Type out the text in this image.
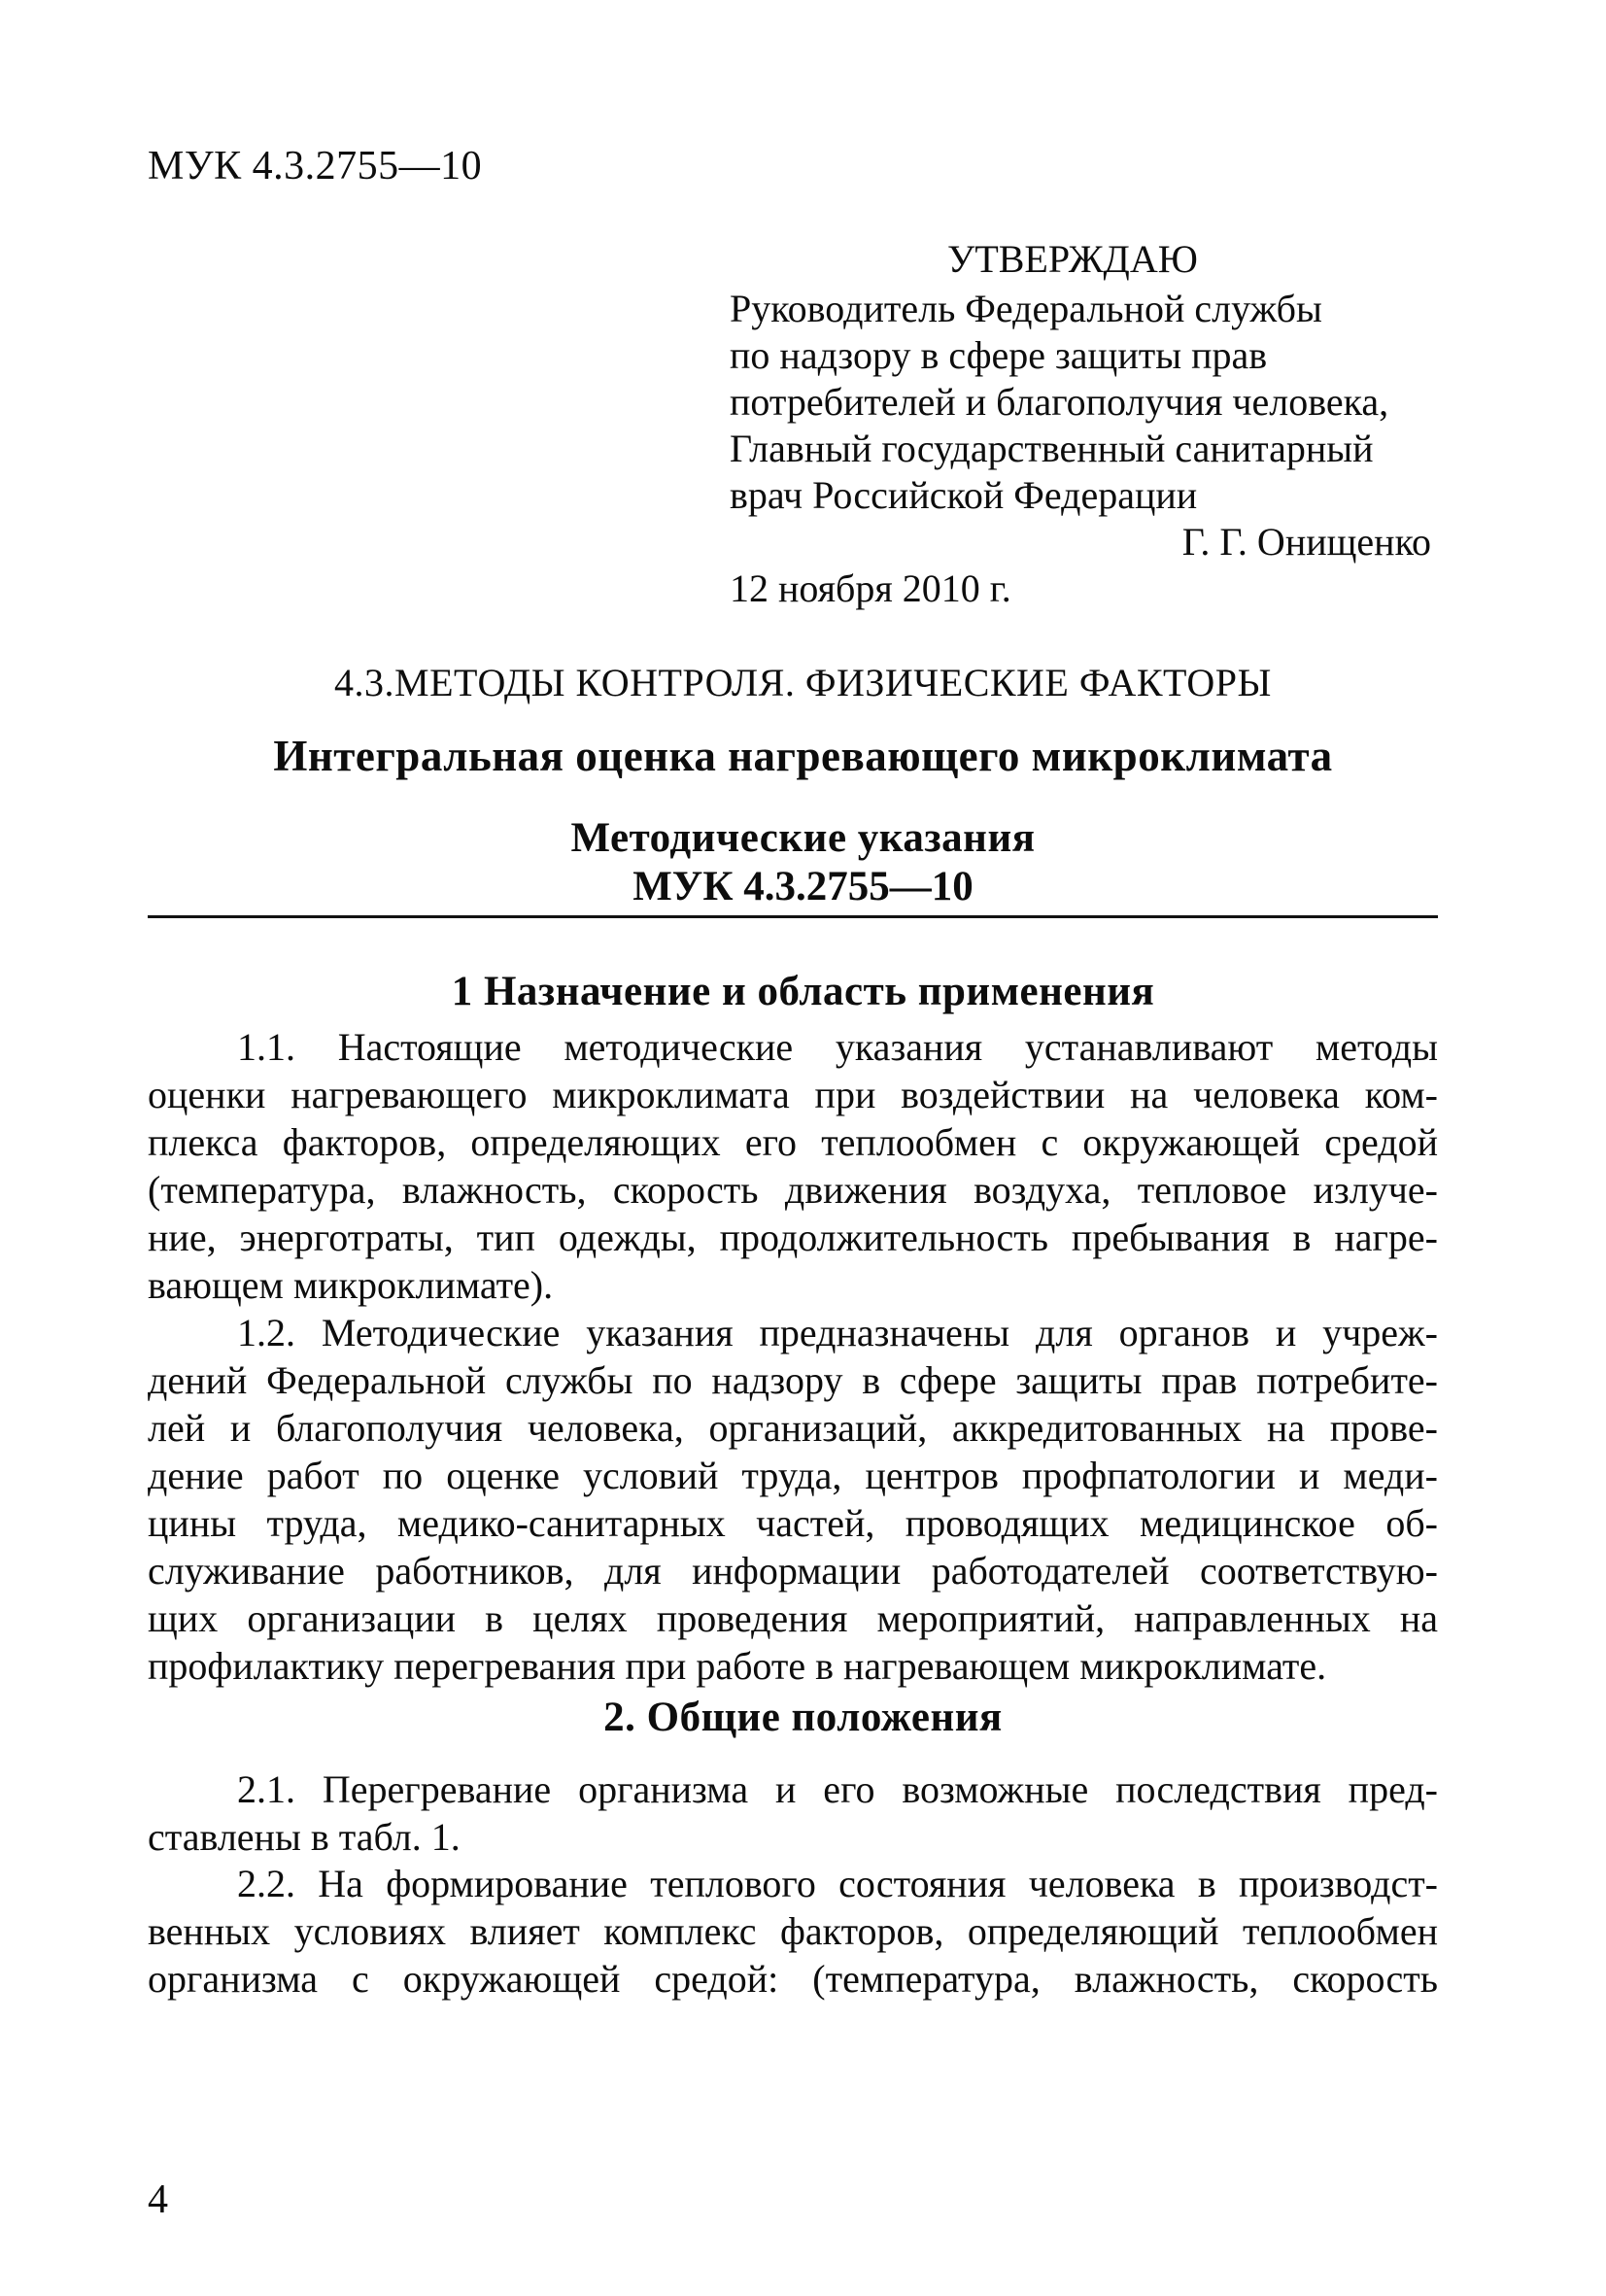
МУК 4.3.2755—10
УТВЕРЖДАЮ
Руководитель Федеральной службы
по надзору в сфере защиты прав
потребителей и благополучия человека,
Главный государственный санитарный
врач Российской Федерации
Г. Г. Онищенко
12 ноября 2010 г.
4.3.МЕТОДЫ КОНТРОЛЯ. ФИЗИЧЕСКИЕ ФАКТОРЫ
Интегральная оценка нагревающего микроклимата
Методические указания
МУК 4.3.2755—10
1 Назначение и область применения
1.1. Настоящие методические указания устанавливают методы
оценки нагревающего микроклимата при воздействии на человека ком-
плекса факторов, определяющих его теплообмен с окружающей средой
(температура, влажность, скорость движения воздуха, тепловое излуче-
ние, энерготраты, тип одежды, продолжительность пребывания в нагре-
вающем микроклимате).
1.2. Методические указания предназначены для органов и учреж-
дений Федеральной службы по надзору в сфере защиты прав потребите-
лей и благополучия человека, организаций, аккредитованных на прове-
дение работ по оценке условий труда, центров профпатологии и меди-
цины труда, медико-санитарных частей, проводящих медицинское об-
служивание работников, для информации работодателей соответствую-
щих организации в целях проведения мероприятий, направленных на
профилактику перегревания при работе в нагревающем микроклимате.
2. Общие положения
2.1. Перегревание организма и его возможные последствия пред-
ставлены в табл. 1.
2.2. На формирование теплового состояния человека в производст-
венных условиях влияет комплекс факторов, определяющий теплообмен
организма с окружающей средой: (температура, влажность, скорость
4
